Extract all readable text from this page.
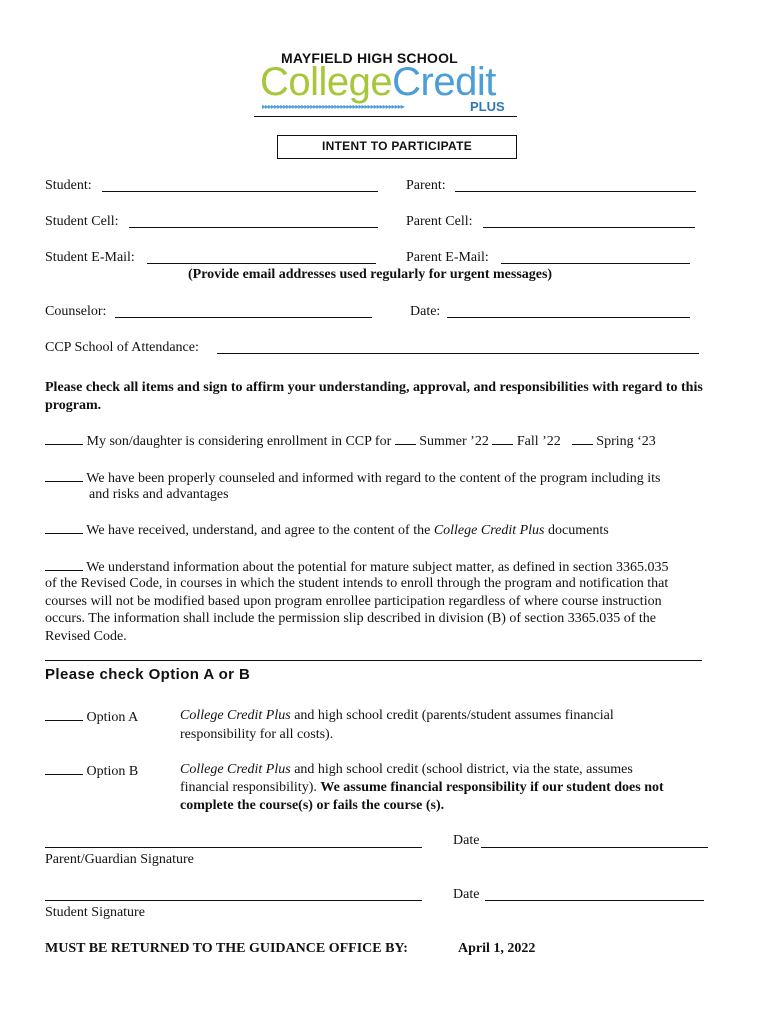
MAYFIELD HIGH SCHOOL
CollegeCredit
▸▸▸▸▸▸▸▸▸▸▸▸▸▸▸▸▸▸▸▸▸▸▸▸▸▸▸▸▸▸▸▸▸▸▸▸▸▸▸▸▸▸▸▸▸▸▸	PLUS
INTENT TO PARTICIPATE
Student:	Parent:
Student Cell:	Parent Cell:
Student E-Mail:	Parent E-Mail:
(Provide email addresses used regularly for urgent messages)
Counselor:	Date:
CCP School of Attendance:
Please check all items and sign to affirm your understanding, approval, and responsibilities with regard to this program.
My son/daughter is considering enrollment in CCP for Summer ’22 Fall ’22	Spring ‘23
We have been properly counseled and informed with regard to the content of the program including its
and risks and advantages
We have received, understand, and agree to the content of the College Credit Plus documents
We understand information about the potential for mature subject matter, as defined in section 3365.035
of the Revised Code, in courses in which the student intends to enroll through the program and notification that
courses will not be modified based upon program enrollee participation regardless of where course instruction
occurs. The information shall include the permission slip described in division (B) of section 3365.035 of the
Revised Code.
Please check Option A or B
Option A	College Credit Plus and high school credit (parents/student assumes financial
responsibility for all costs).
Option B	College Credit Plus and high school credit (school district, via the state, assumes
financial responsibility). We assume financial responsibility if our student does not
complete the course(s) or fails the course (s).
Date
Parent/Guardian Signature
Date
Student Signature
MUST BE RETURNED TO THE GUIDANCE OFFICE BY:	April 1, 2022
